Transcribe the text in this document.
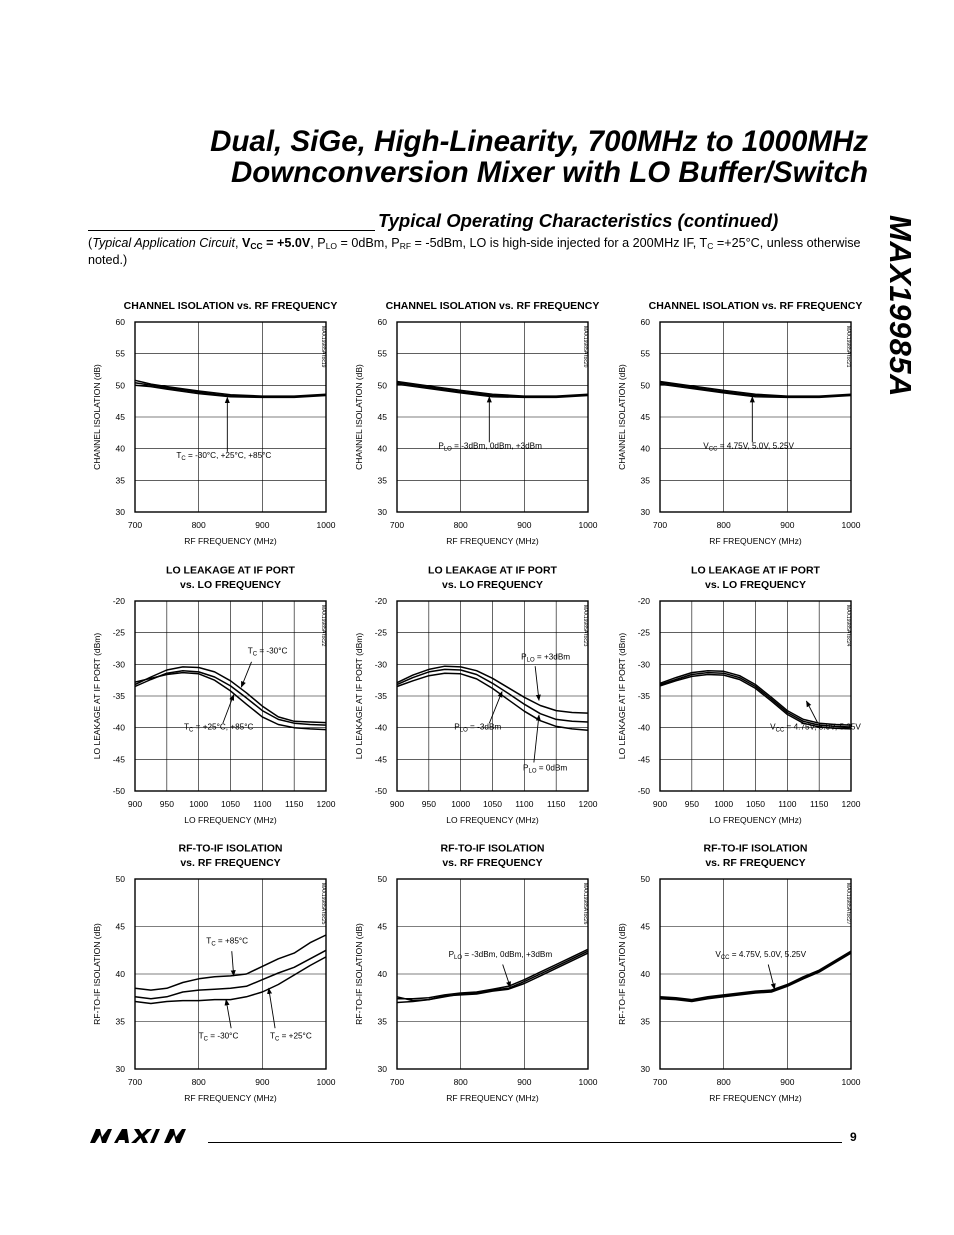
Dual, SiGe, High-Linearity, 700MHz to 1000MHz
Downconversion Mixer with LO Buffer/Switch
Typical Operating Characteristics (continued)
(Typical Application Circuit, $V_{CC} = +5.0V$, $P_{LO} = 0dBm$, $P_{RF} = -5dBm$, LO is high-side injected for a 200MHz IF, $T_C =+25^\circ C$, unless otherwise noted.)	MAX19985A
CHANNEL ISOLATION vs. RF FREQUENCY
700	800	900	1000
30
35
40
45
50
55
60
RF FREQUENCY (MHz)
CHANNEL ISOLATION (dB)
MAX19985A toc19
$T_C = -30^\circ C$, +25°C, +85°C
CHANNEL ISOLATION vs. RF FREQUENCY
700	800	900	1000
30
35
40
45
50
55
60
RF FREQUENCY (MHz)
CHANNEL ISOLATION (dB)
MAX19985A toc20
$P_{LO} = -3dBm$, 0dBm, +3dBm
CHANNEL ISOLATION vs. RF FREQUENCY
700	800	900	1000
30
35
40
45
50
55
60
RF FREQUENCY (MHz)
CHANNEL ISOLATION (dB)
MAX19985A toc21
$V_{CC} = 4.75V$, 5.0V, 5.25V
LO LEAKAGE AT IF PORT
vs. LO FREQUENCY
900 950 1000 1050 1100 1150 1200
-50
-45
-40
-35
-30
-25
-20
LO FREQUENCY (MHz)
LO LEAKAGE AT IF PORT (dBm)
MAX19985A toc22
$T_C = -30^\circ C$
$T_C = +25^\circ C$, +85°C
LO LEAKAGE AT IF PORT
vs. LO FREQUENCY
900 950 1000 1050 1100 1150 1200
-50
-45
-40
-35
-30
-25
-20
LO FREQUENCY (MHz)
LO LEAKAGE AT IF PORT (dBm)
MAX19985A toc23
$P_{LO} = +3dBm$
$P_{LO} = -3dBm$
$P_{LO} = 0dBm$
LO LEAKAGE AT IF PORT
vs. LO FREQUENCY
900 950 1000 1050 1100 1150 1200
-50
-45
-40
-35
-30
-25
-20
LO FREQUENCY (MHz)
LO LEAKAGE AT IF PORT (dBm)
MAX19985A toc24
$V_{CC} = 4.75V$, 5.0V, 5.25V
RF-TO-IF ISOLATION
vs. RF FREQUENCY
700	800	900	1000
30
35
40
45
50
RF FREQUENCY (MHz)
RF-TO-IF ISOLATION (dB)
MAX19985A toc25
$T_C = +85^\circ C$
$T_C = -30^\circ C$	$T_C = +25^\circ C$
RF-TO-IF ISOLATION
vs. RF FREQUENCY
700	800	900	1000
30
35
40
45
50
RF FREQUENCY (MHz)
RF-TO-IF ISOLATION (dB)
MAX19985A toc26
$P_{LO} = -3dBm$, 0dBm, +3dBm
RF-TO-IF ISOLATION
vs. RF FREQUENCY
700	800	900	1000
30
35
40
45
50
RF FREQUENCY (MHz)
RF-TO-IF ISOLATION (dB)
MAX19985A toc27
$V_{CC} = 4.75V$, 5.0V, 5.25V
9
